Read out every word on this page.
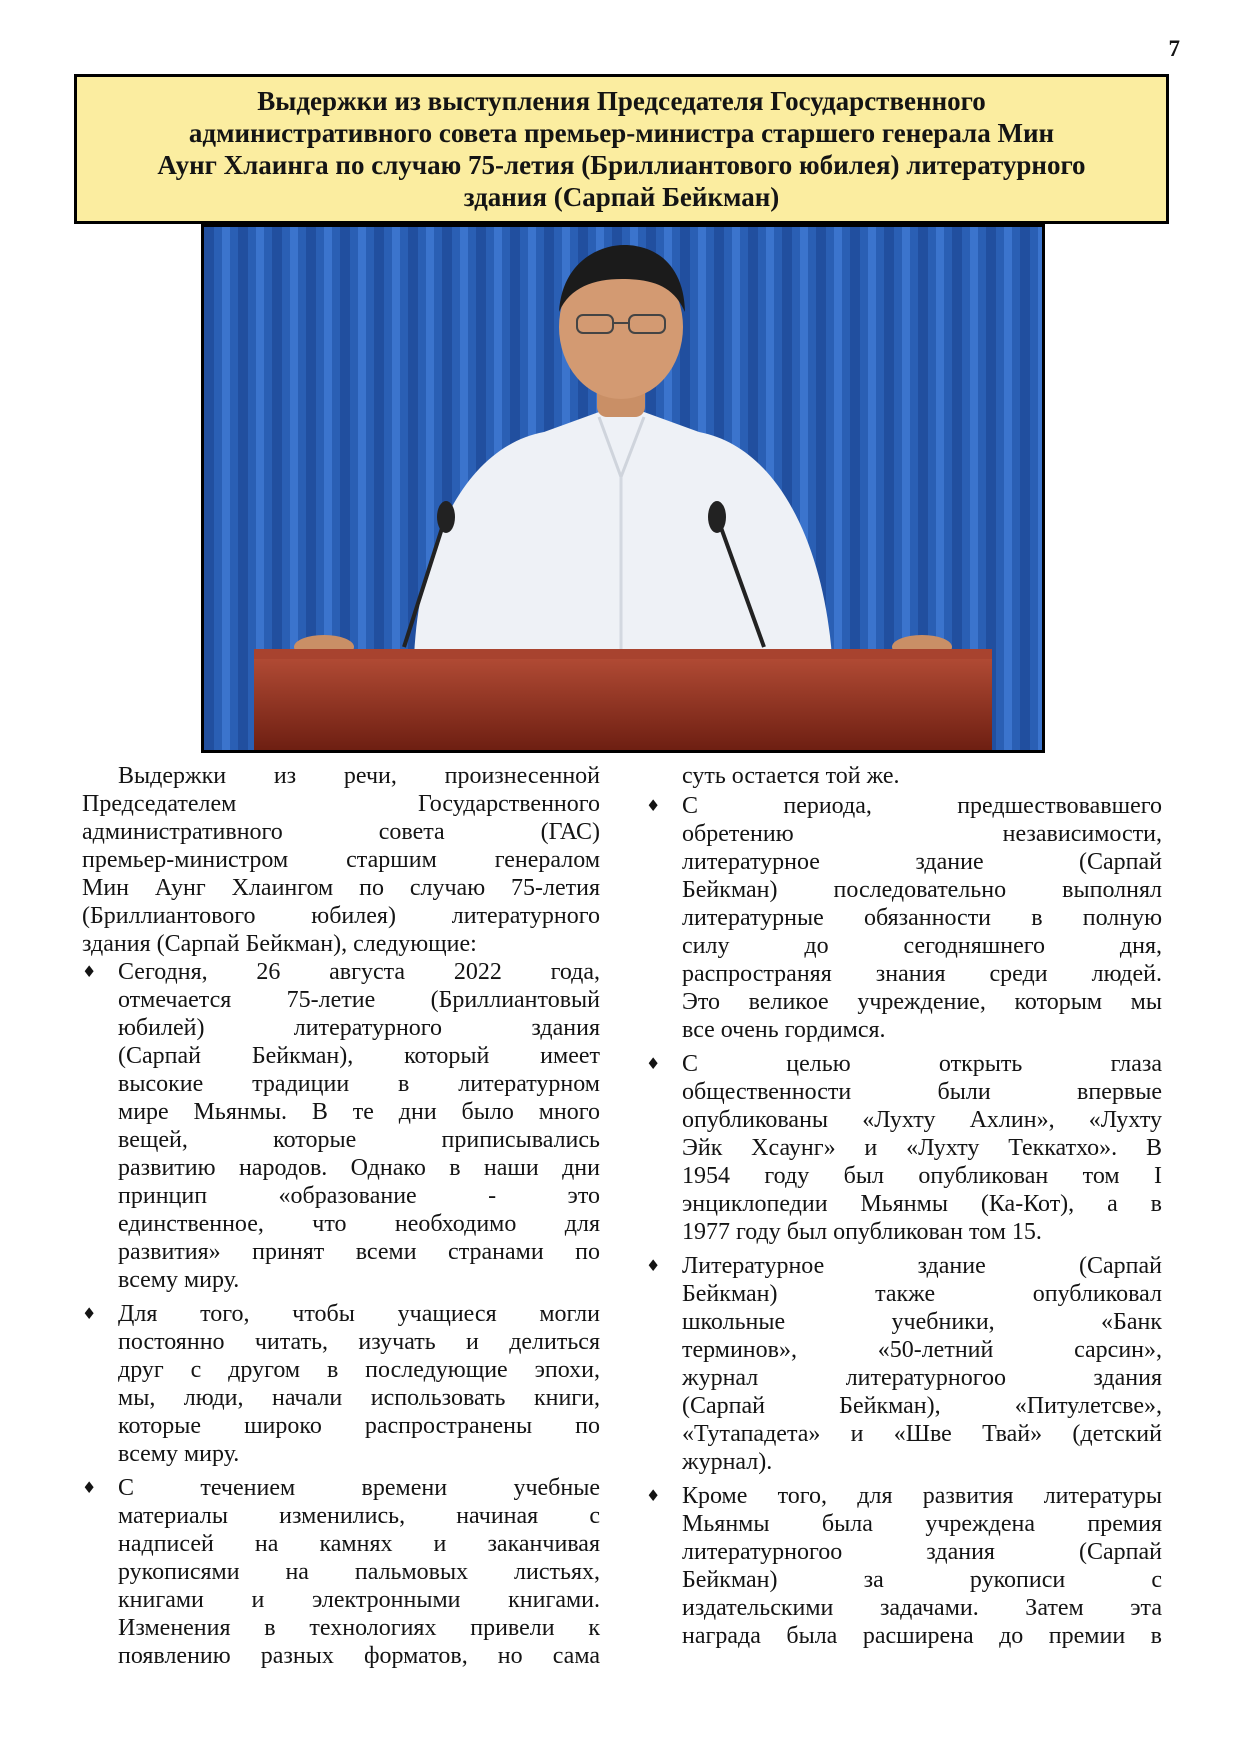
7
Выдержки из выступления Председателя Государственного
административного совета премьер-министра старшего генерала Мин
Аунг Хлаинга по случаю 75-летия (Бриллиантового юбилея) литературного
здания (Сарпай Бейкман)
Выдержки из речи, произнесенной
Председателем Государственного
административного совета (ГАС)
премьер-министром старшим генералом
Мин Аунг Хлаингом по случаю 75-летия
(Бриллиантового юбилея) литературного
здания (Сарпай Бейкман), следующие:
♦ Сегодня, 26 августа 2022 года,
отмечается 75-летие (Бриллиантовый
юбилей) литературного здания
(Сарпай Бейкман), который имеет
высокие традиции в литературном
мире Мьянмы. В те дни было много
вещей, которые приписывались
развитию народов. Однако в наши дни
принцип «образование - это
единственное, что необходимо для
развития» принят всеми странами по
всему миру.
♦ Для того, чтобы учащиеся могли
постоянно читать, изучать и делиться
друг с другом в последующие эпохи,
мы, люди, начали использовать книги,
которые широко распространены по
всему миру.
♦ С течением времени учебные
материалы изменились, начиная с
надписей на камнях и заканчивая
рукописями на пальмовых листьях,
книгами и электронными книгами.
Изменения в технологиях привели к
появлению разных форматов, но сама
суть остается той же.
♦ С периода, предшествовавшего
обретению независимости,
литературное здание (Сарпай
Бейкман) последовательно выполнял
литературные обязанности в полную
силу до сегодняшнего дня,
распространяя знания среди людей.
Это великое учреждение, которым мы
все очень гордимся.
♦ С целью открыть глаза
общественности были впервые
опубликованы «Лухту Ахлин», «Лухту
Эйк Хсаунг» и «Лухту Теккатхо». В
1954 году был опубликован том I
энциклопедии Мьянмы (Ка-Кот), а в
1977 году был опубликован том 15.
♦ Литературное здание (Сарпай
Бейкман) также опубликовал
школьные учебники, «Банк
терминов», «50-летний сарсин»,
журнал литературногоо здания
(Сарпай Бейкман), «Питулетсве»,
«Тутападета» и «Шве Твай» (детский
журнал).
♦ Кроме того, для развития литературы
Мьянмы была учреждена премия
литературногоо здания (Сарпай
Бейкман) за рукописи с
издательскими задачами. Затем эта
награда была расширена до премии в
